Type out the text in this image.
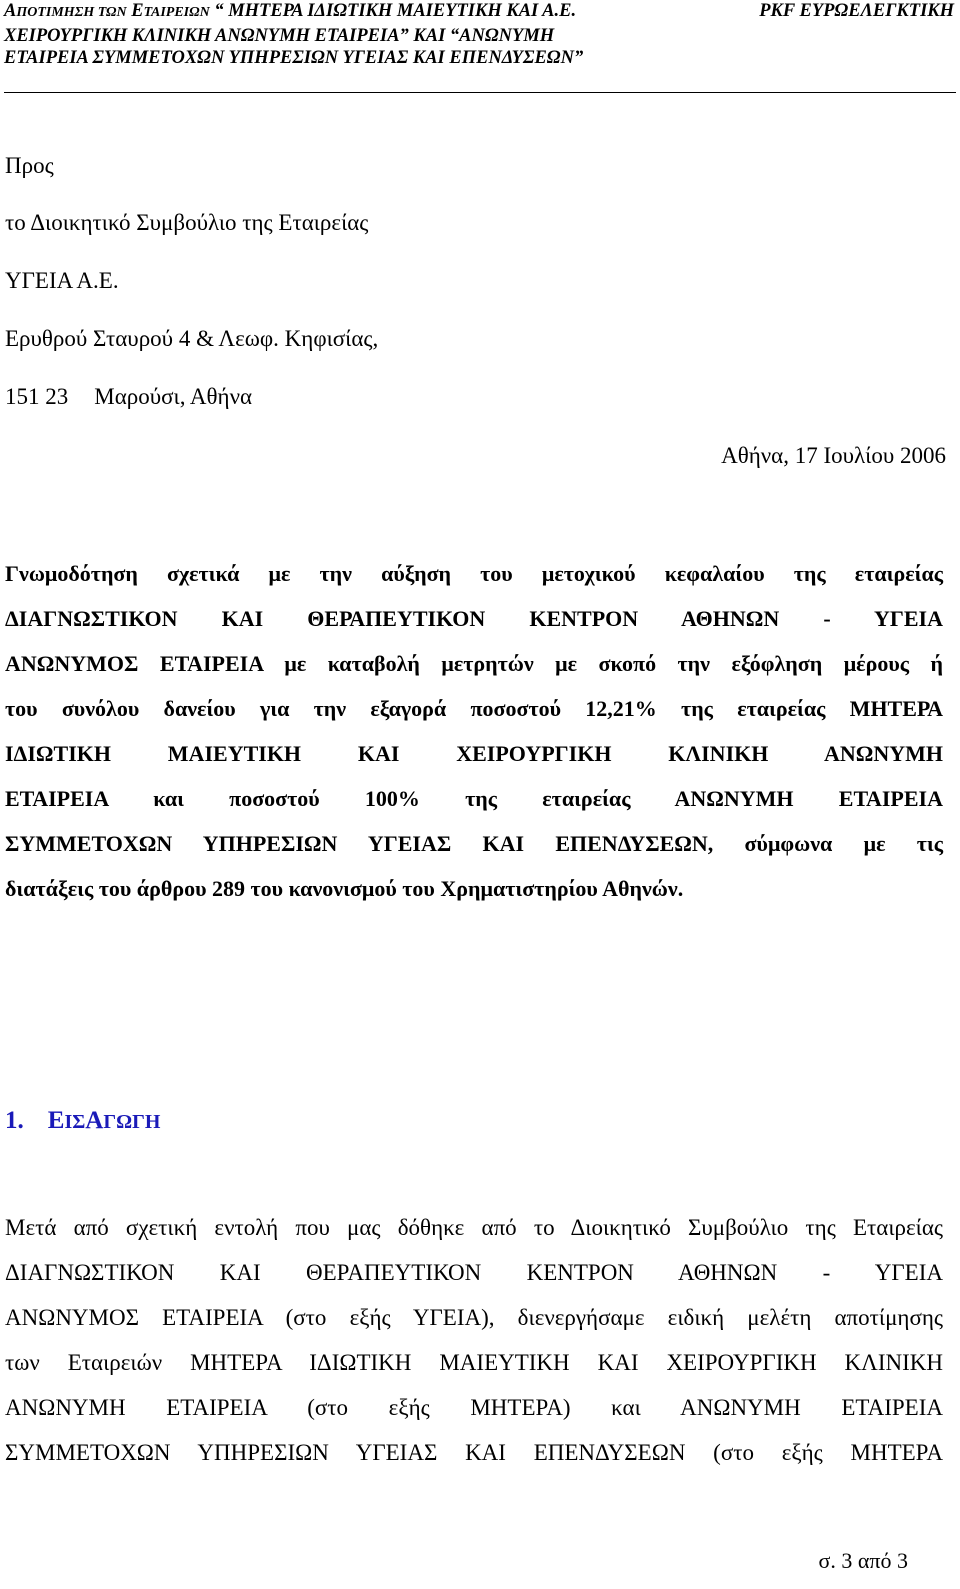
ΑΠΟΤΙΜΗΣΗ ΤΩΝ ΕΤΑΙΡΕΙΩΝ “ ΜΗΤΕΡΑ ΙΔΙΩΤΙΚΗ ΜΑΙΕΥΤΙΚΗ ΚΑΙ Α.Ε.
ΧΕΙΡΟΥΡΓΙΚΗ ΚΛΙΝΙΚΗ ΑΝΩΝΥΜΗ ΕΤΑΙΡΕΙΑ” ΚΑΙ “ΑΝΩΝΥΜΗ
ΕΤΑΙΡΕΙΑ ΣΥΜΜΕΤΟΧΩΝ ΥΠΗΡΕΣΙΩΝ ΥΓΕΙΑΣ ΚΑΙ ΕΠΕΝΔΥΣΕΩΝ”
PKF ΕΥΡΩΕΛΕΓΚΤΙΚΗ
Προς
το Διοικητικό Συμβούλιο της Εταιρείας
ΥΓΕΙΑ Α.Ε.
Ερυθρού Σταυρού 4 & Λεωφ. Κηφισίας,
151 23 Μαρούσι, Αθήνα
Αθήνα, 17 Ιουλίου 2006
Γνωμοδότηση σχετικά με την αύξηση του μετοχικού κεφαλαίου της εταιρείας
ΔΙΑΓΝΩΣΤΙΚΟΝ ΚΑΙ ΘΕΡΑΠΕΥΤΙΚΟΝ ΚΕΝΤΡΟΝ ΑΘΗΝΩΝ - ΥΓΕΙΑ
ΑΝΩΝΥΜΟΣ ΕΤΑΙΡΕΙΑ με καταβολή μετρητών με σκοπό την εξόφληση μέρους ή
του συνόλου δανείου για την εξαγορά ποσοστού 12,21% της εταιρείας ΜΗΤΕΡΑ
ΙΔΙΩΤΙΚΗ ΜΑΙΕΥΤΙΚΗ ΚΑΙ ΧΕΙΡΟΥΡΓΙΚΗ ΚΛΙΝΙΚΗ ΑΝΩΝΥΜΗ
ΕΤΑΙΡΕΙΑ και ποσοστού 100% της εταιρείας ΑΝΩΝΥΜΗ ΕΤΑΙΡΕΙΑ
ΣΥΜΜΕΤΟΧΩΝ ΥΠΗΡΕΣΙΩΝ ΥΓΕΙΑΣ ΚΑΙ ΕΠΕΝΔΥΣΕΩΝ, σύμφωνα με τις
διατάξεις του άρθρου 289 του κανονισμού του Χρηματιστηρίου Αθηνών.
1. ΕΙΣΑΓΩΓΗ
Μετά από σχετική εντολή που μας δόθηκε από το Διοικητικό Συμβούλιο της Εταιρείας
ΔΙΑΓΝΩΣΤΙΚΟΝ ΚΑΙ ΘΕΡΑΠΕΥΤΙΚΟΝ ΚΕΝΤΡΟΝ ΑΘΗΝΩΝ - ΥΓΕΙΑ
ΑΝΩΝΥΜΟΣ ΕΤΑΙΡΕΙΑ (στο εξής ΥΓΕΙΑ), διενεργήσαμε ειδική μελέτη αποτίμησης
των Εταιρειών ΜΗΤΕΡΑ ΙΔΙΩΤΙΚΗ ΜΑΙΕΥΤΙΚΗ ΚΑΙ ΧΕΙΡΟΥΡΓΙΚΗ ΚΛΙΝΙΚΗ
ΑΝΩΝΥΜΗ ΕΤΑΙΡΕΙΑ (στο εξής ΜΗΤΕΡΑ) και ΑΝΩΝΥΜΗ ΕΤΑΙΡΕΙΑ
ΣΥΜΜΕΤΟΧΩΝ ΥΠΗΡΕΣΙΩΝ ΥΓΕΙΑΣ ΚΑΙ ΕΠΕΝΔΥΣΕΩΝ (στο εξής ΜΗΤΕΡΑ
σ. 3 από 3
